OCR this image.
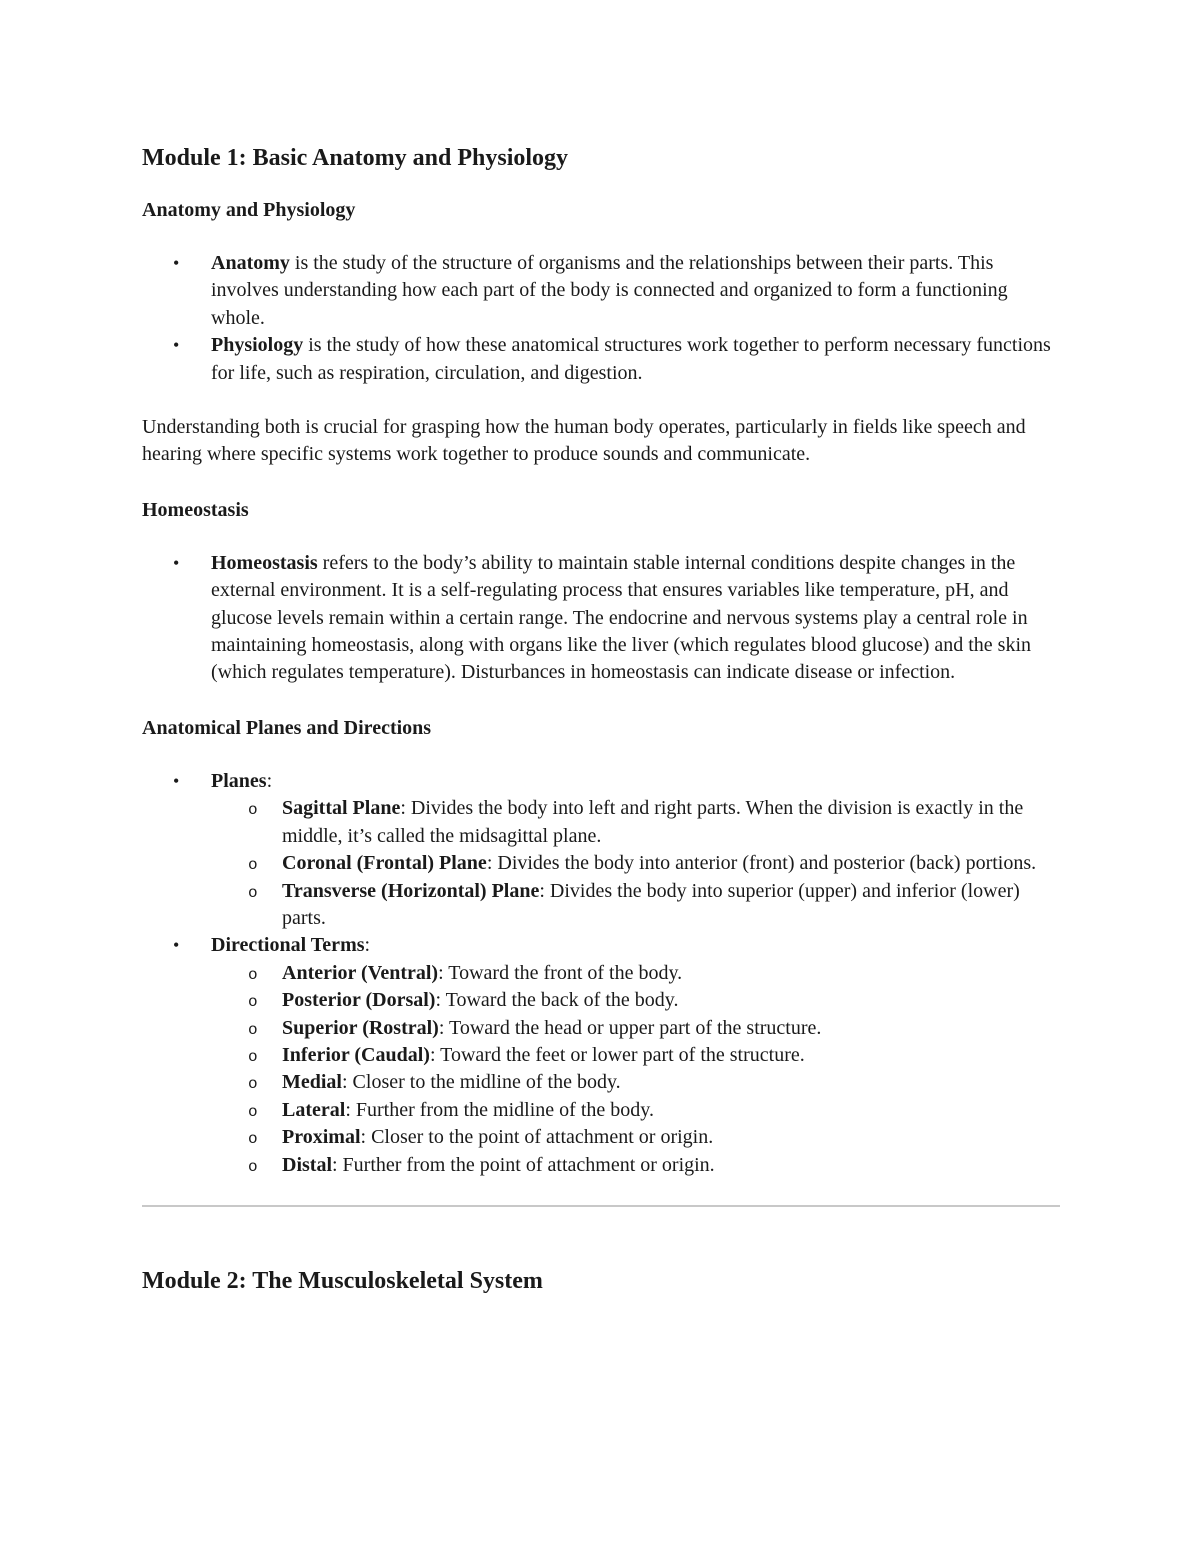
Module 1: Basic Anatomy and Physiology
Anatomy and Physiology
• Anatomy is the study of the structure of organisms and the relationships between their parts. This involves understanding how each part of the body is connected and organized to form a functioning whole.
• Physiology is the study of how these anatomical structures work together to perform necessary functions for life, such as respiration, circulation, and digestion.

Understanding both is crucial for grasping how the human body operates, particularly in fields like speech and hearing where specific systems work together to produce sounds and communicate.

Homeostasis
• Homeostasis refers to the body’s ability to maintain stable internal conditions despite changes in the external environment. It is a self-regulating process that ensures variables like temperature, pH, and glucose levels remain within a certain range. The endocrine and nervous systems play a central role in maintaining homeostasis, along with organs like the liver (which regulates blood glucose) and the skin (which regulates temperature). Disturbances in homeostasis can indicate disease or infection.
Anatomical Planes and Directions
• Planes:
o Sagittal Plane: Divides the body into left and right parts. When the division is exactly in the middle, it’s called the midsagittal plane.
o Coronal (Frontal) Plane: Divides the body into anterior (front) and posterior (back) portions.
o Transverse (Horizontal) Plane: Divides the body into superior (upper) and inferior (lower) parts.
• Directional Terms:
o Anterior (Ventral): Toward the front of the body.
o Posterior (Dorsal): Toward the back of the body.
o Superior (Rostral): Toward the head or upper part of the structure.
o Inferior (Caudal): Toward the feet or lower part of the structure.
o Medial: Closer to the midline of the body.
o Lateral: Further from the midline of the body.
o Proximal: Closer to the point of attachment or origin.
o Distal: Further from the point of attachment or origin.
Module 2: The Musculoskeletal System
